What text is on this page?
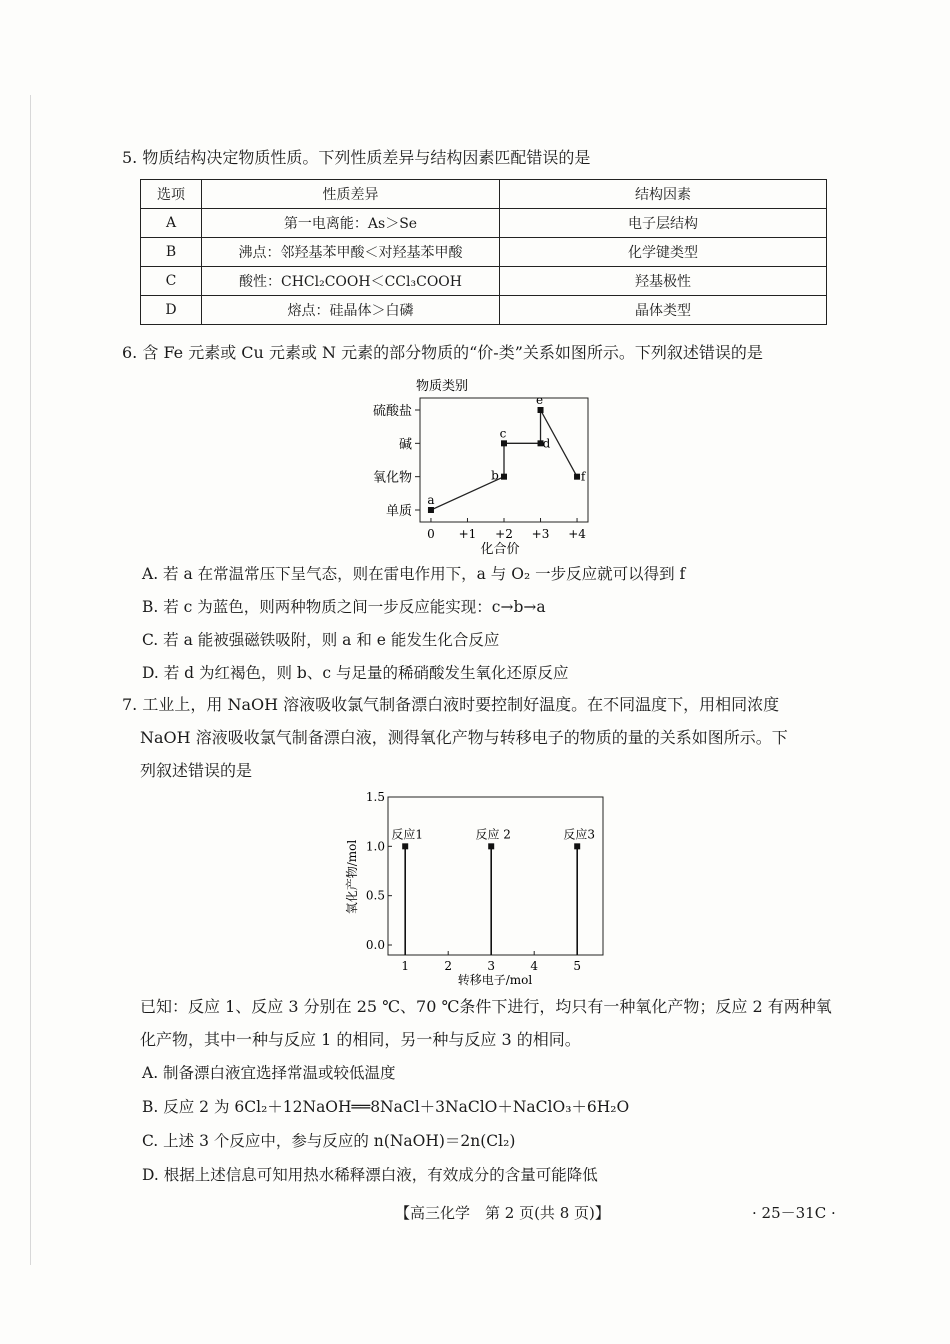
5. 物质结构决定物质性质。下列性质差异与结构因素匹配错误的是
选项	性质差异	结构因素
A	第一电离能：As＞Se	电子层结构
B	沸点：邻羟基苯甲酸＜对羟基苯甲酸	化学键类型
C	酸性：CHCl₂COOH＜CCl₃COOH	羟基极性
D	熔点：硅晶体＞白磷	晶体类型
6. 含 Fe 元素或 Cu 元素或 N 元素的部分物质的“价-类”关系如图所示。下列叙述错误的是
物质类别
0 +1 +2 +3 +4
单质
氧化物
碱
硫酸盐
a
b
c
d
e
f
化合价
A. 若 a 在常温常压下呈气态，则在雷电作用下，a 与 O₂ 一步反应就可以得到 f
B. 若 c 为蓝色，则两种物质之间一步反应能实现：c→b→a
C. 若 a 能被强磁铁吸附，则 a 和 e 能发生化合反应
D. 若 d 为红褐色，则 b、c 与足量的稀硝酸发生氧化还原反应
7. 工业上，用 NaOH 溶液吸收氯气制备漂白液时要控制好温度。在不同温度下，用相同浓度
NaOH 溶液吸收氯气制备漂白液，测得氧化产物与转移电子的物质的量的关系如图所示。下
列叙述错误的是
1	2	3	4	5
0.0
0.5
1.0
1.5
反应1	反应 2	反应3
转移电子/mol
氧化产物/mol
已知：反应 1、反应 3 分别在 25 ℃、70 ℃条件下进行，均只有一种氧化产物；反应 2 有两种氧
化产物，其中一种与反应 1 的相同，另一种与反应 3 的相同。
A. 制备漂白液宜选择常温或较低温度
B. 反应 2 为 6Cl₂＋12NaOH══8NaCl＋3NaClO＋NaClO₃＋6H₂O
C. 上述 3 个反应中，参与反应的 n(NaOH)＝2n(Cl₂)
D. 根据上述信息可知用热水稀释漂白液，有效成分的含量可能降低
【高三化学　第 2 页(共 8 页)】	· 25－31C ·
